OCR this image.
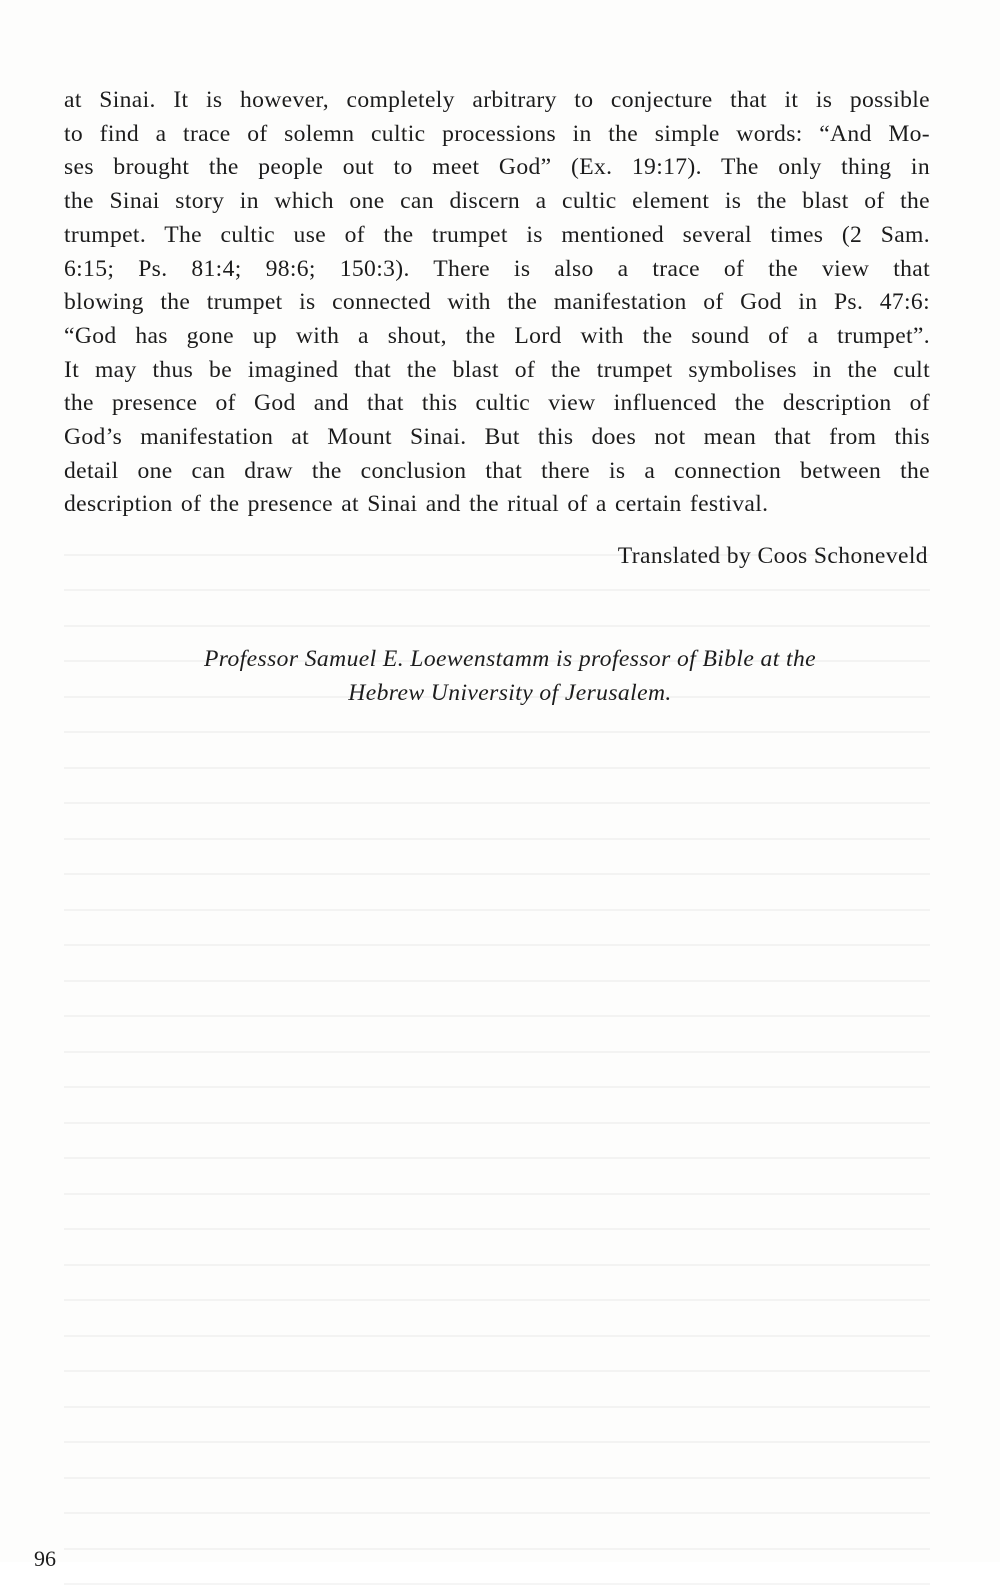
at Sinai. It is however, completely arbitrary to conjecture that it is possible
to find a trace of solemn cultic processions in the simple words: “And Mo-
ses brought the people out to meet God” (Ex. 19:17). The only thing in
the Sinai story in which one can discern a cultic element is the blast of the
trumpet. The cultic use of the trumpet is mentioned several times (2 Sam.
6:15; Ps. 81:4; 98:6; 150:3). There is also a trace of the view that
blowing the trumpet is connected with the manifestation of God in Ps. 47:6:
“God has gone up with a shout, the Lord with the sound of a trumpet”.
It may thus be imagined that the blast of the trumpet symbolises in the cult
the presence of God and that this cultic view influenced the description of
God’s manifestation at Mount Sinai. But this does not mean that from this
detail one can draw the conclusion that there is a connection between the
description of the presence at Sinai and the ritual of a certain festival.
Translated by Coos Schoneveld
Professor Samuel E. Loewenstamm is professor of Bible at the
Hebrew University of Jerusalem.
96
